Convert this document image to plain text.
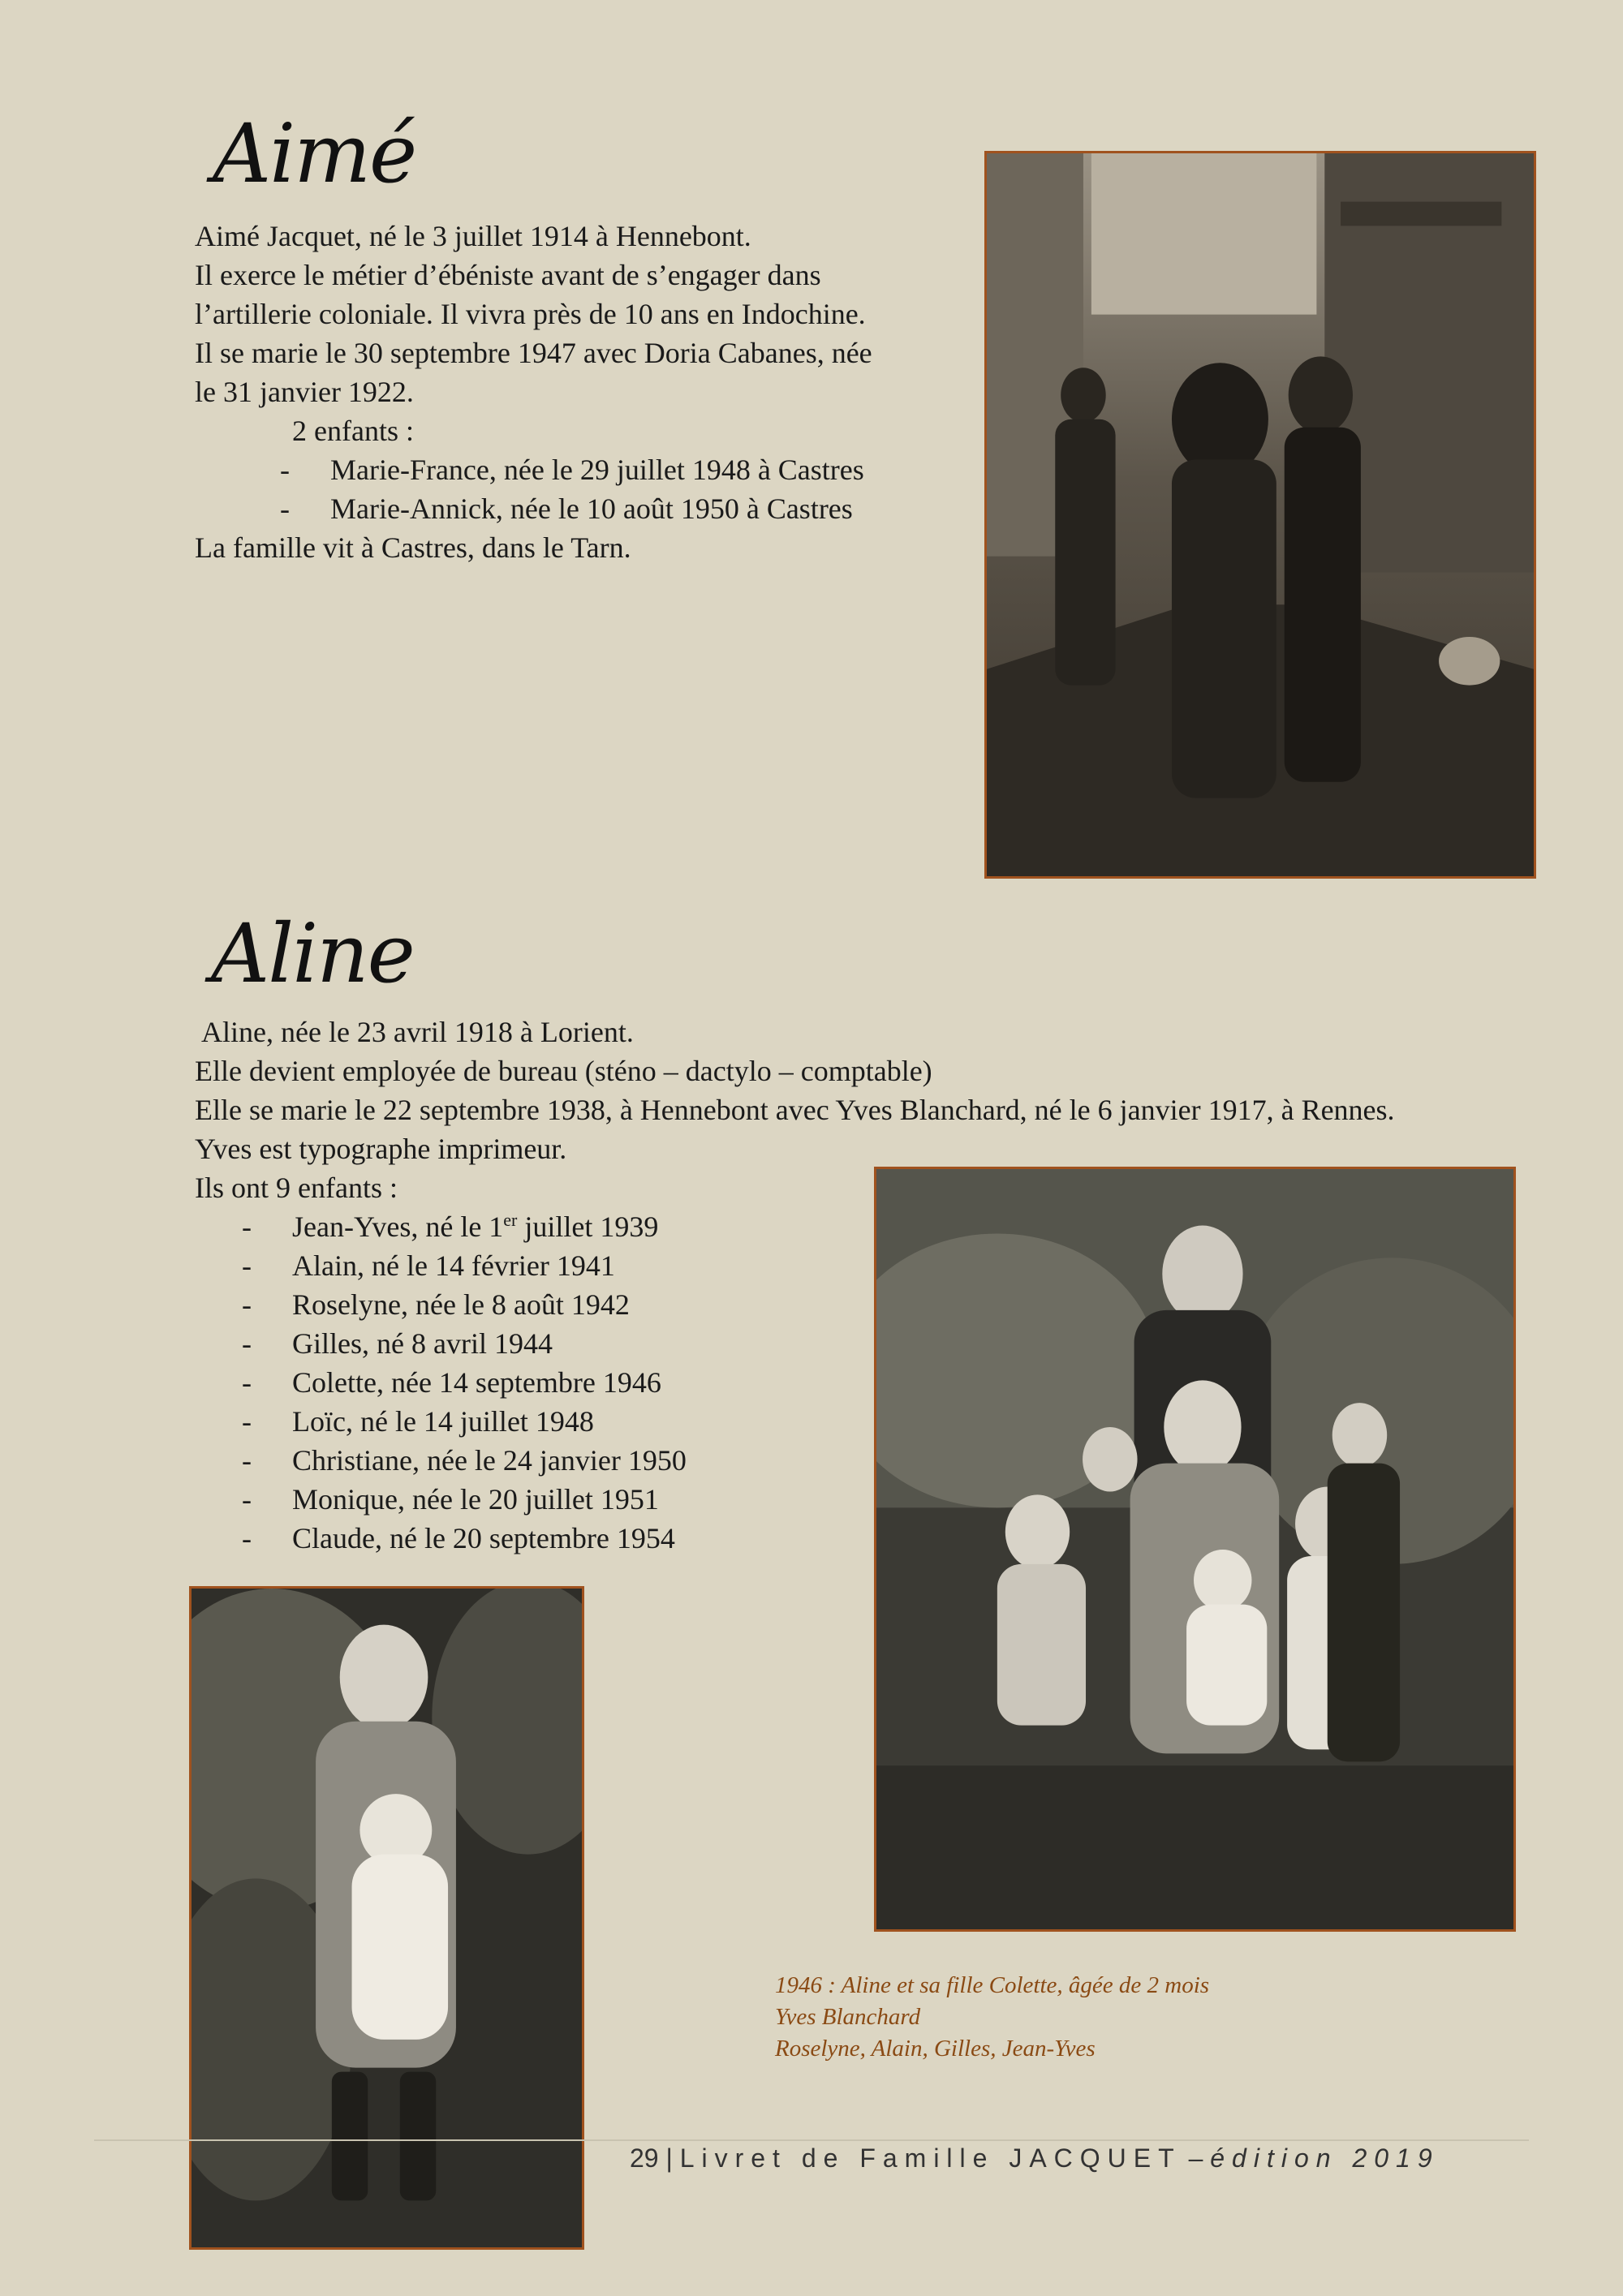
Aimé

Aimé Jacquet, né le 3 juillet 1914 à Hennebont.

Il exerce le métier d’ébéniste avant de s’engager dans

l’artillerie coloniale. Il vivra près de 10 ans en Indochine.

Il se marie le 30 septembre 1947 avec Doria Cabanes, née

le 31 janvier 1922.

2 enfants :

- Marie-France, née le 29 juillet 1948 à Castres
- Marie-Annick, née le 10 août 1950 à Castres

La famille vit à Castres, dans le Tarn.

Aline

Aline, née le 23 avril 1918 à Lorient.

Elle devient employée de bureau (sténo – dactylo – comptable)

Elle se marie le 22 septembre 1938, à Hennebont avec Yves Blanchard, né le 6 janvier 1917, à Rennes.

Yves est typographe imprimeur.

Ils ont 9 enfants :

- Jean-Yves, né le 1er juillet 1939
- Alain, né le 14 février 1941
- Roselyne, née le 8 août 1942
- Gilles, né 8 avril 1944
- Colette, née 14 septembre 1946
- Loïc, né le 14 juillet 1948
- Christiane, née le 24 janvier 1950
- Monique, née le 20 juillet 1951
- Claude, né le 20 septembre 1954

1946 : Aline et sa fille Colette, âgée de 2 mois

Yves Blanchard

Roselyne, Alain, Gilles, Jean-Yves

29 | Livret de Famille JACQUET – édition 2019
